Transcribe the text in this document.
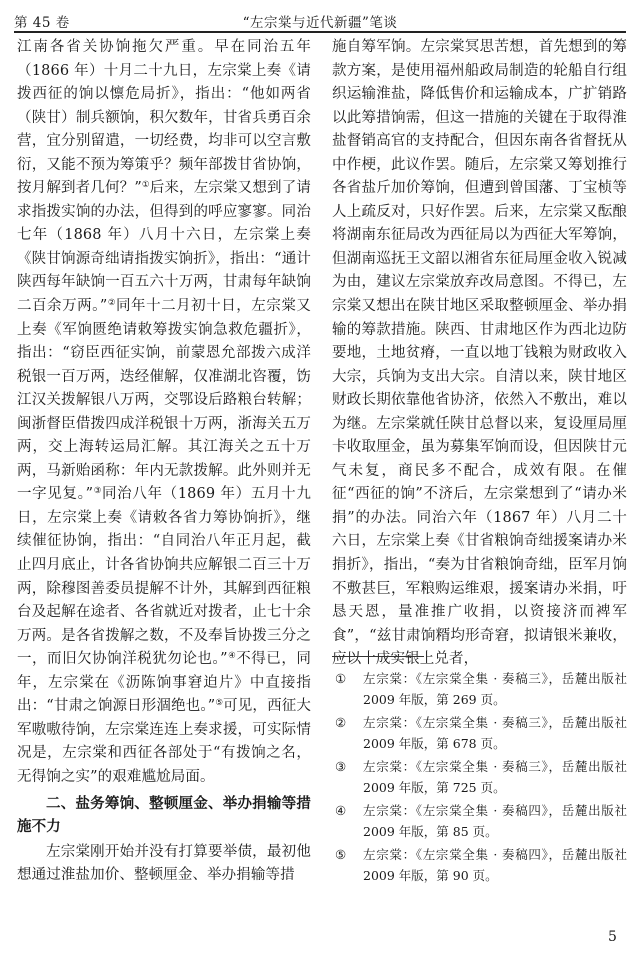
第 45 卷	“左宗棠与近代新疆”笔谈

江南各省关协饷拖欠严重。早在同治五年（1866 年）十月二十九日，左宗棠上奏《请拨西征的饷以懔危局折》，指出：“他如两省（陕甘）制兵额饷，积欠数年，甘省兵勇百余营，宜分别留遣，一切经费，均非可以空言敷衍，又能不预为筹策乎？频年部拨甘省协饷，按月解到者几何？”①后来，左宗棠又想到了请求指拨实饷的办法，但得到的呼应寥寥。同治七年（1868 年）八月十六日，左宗棠上奏《陕甘饷源奇绌请指拨实饷折》，指出：“通计陕西每年缺饷一百五六十万两，甘肃每年缺饷二百余万两。”②同年十二月初十日，左宗棠又上奏《军饷匮绝请敕筹拨实饷急救危疆折》，指出：“窃臣西征实饷，前蒙恩允部拨六成洋税银一百万两，迭经催解，仅准湖北咨覆，饬江汉关拨解银八万两，交鄂设后路粮台转解；闽浙督臣借拨四成洋税银十万两，浙海关五万两，交上海转运局汇解。其江海关之五十万两，马新贻函称：年内无款拨解。此外则并无一字见复。”③同治八年（1869 年）五月十九日，左宗棠上奏《请敕各省力筹协饷折》，继续催征协饷，指出：“自同治八年正月起，截止四月底止，计各省协饷共应解银二百三十万两，除穆图善委员提解不计外，其解到西征粮台及起解在途者、各省就近对拨者，止七十余万两。是各省拨解之数，不及奉旨协拨三分之一，而旧欠协饷洋税犹勿论也。”④不得已，同年，左宗棠在《沥陈饷事窘迫片》中直接指出：“甘肃之饷源日形涸绝也。”⑤可见，西征大军嗷嗷待饷，左宗棠连连上奏求援，可实际情况是，左宗棠和西征各部处于“有拨饷之名，无得饷之实”的艰难尴尬局面。

二、盐务筹饷、整顿厘金、举办捐输等措施不力

左宗棠刚开始并没有打算要举债，最初他想通过淮盐加价、整顿厘金、举办捐输等措

施自筹军饷。左宗棠冥思苦想，首先想到的筹款方案，是使用福州船政局制造的轮船自行组织运输淮盐，降低售价和运输成本，广扩销路以此筹措饷需，但这一措施的关键在于取得淮盐督销高官的支持配合，但因东南各省督抚从中作梗，此议作罢。随后，左宗棠又筹划推行各省盐斤加价筹饷，但遭到曾国藩、丁宝桢等人上疏反对，只好作罢。后来，左宗棠又酝酿将湖南东征局改为西征局以为西征大军筹饷，但湖南巡抚王文韶以湘省东征局厘金收入锐减为由，建议左宗棠放弃改局意图。不得已，左宗棠又想出在陕甘地区采取整顿厘金、举办捐输的筹款措施。陕西、甘肃地区作为西北边防要地，土地贫瘠，一直以地丁钱粮为财政收入大宗，兵饷为支出大宗。自清以来，陕甘地区财政长期依靠他省协济，依然入不敷出，难以为继。左宗棠就任陕甘总督以来，复设厘局厘卡收取厘金，虽为募集军饷而设，但因陕甘元气未复，商民多不配合，成效有限。在催征“西征的饷”不济后，左宗棠想到了“请办米捐”的办法。同治六年（1867 年）八月二十六日，左宗棠上奏《甘省粮饷奇绌援案请办米捐折》，指出，“奏为甘省粮饷奇绌，臣军月饷不敷甚巨，军粮购运维艰，援案请办米捐，吁恳天恩，量准推广收捐，以资接济而裨军食”，“兹甘肃饷糈均形奇窘，拟请银米兼收，应以十成实银上兑者，

① 左宗棠：《左宗棠全集 · 奏稿三》，岳麓出版社 2009 年版，第 269 页。
② 左宗棠：《左宗棠全集 · 奏稿三》，岳麓出版社 2009 年版，第 678 页。
③ 左宗棠：《左宗棠全集 · 奏稿三》，岳麓出版社 2009 年版，第 725 页。
④ 左宗棠：《左宗棠全集 · 奏稿四》，岳麓出版社 2009 年版，第 85 页。
⑤ 左宗棠：《左宗棠全集 · 奏稿四》，岳麓出版社 2009 年版，第 90 页。
5
